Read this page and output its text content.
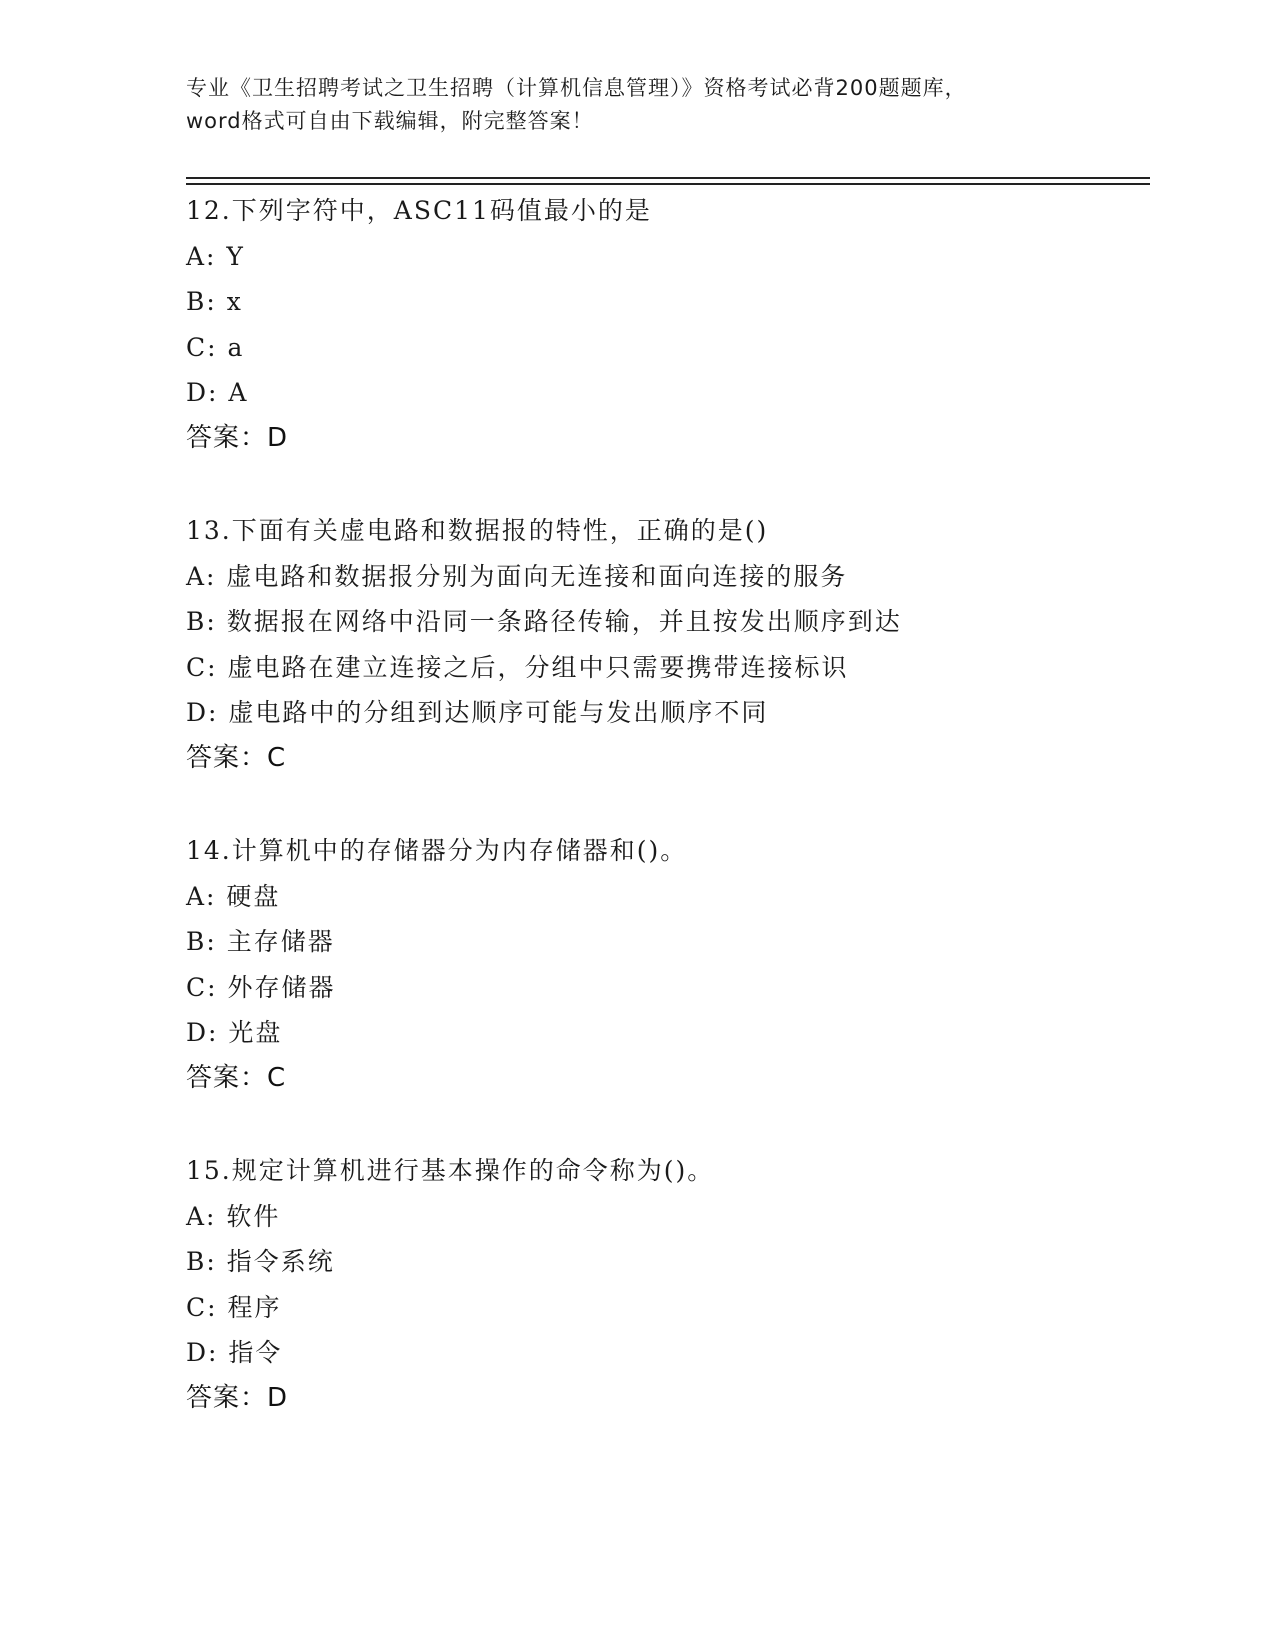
专业《卫生招聘考试之卫生招聘（计算机信息管理）》资格考试必背200题题库，
word格式可自由下载编辑，附完整答案！
12.下列字符中，ASC11码值最小的是
A: Y
B: x
C: a
D: A
答案：D
13.下面有关虚电路和数据报的特性，正确的是()
A: 虚电路和数据报分别为面向无连接和面向连接的服务
B: 数据报在网络中沿同一条路径传输，并且按发出顺序到达
C: 虚电路在建立连接之后，分组中只需要携带连接标识
D: 虚电路中的分组到达顺序可能与发出顺序不同
答案：C
14.计算机中的存储器分为内存储器和()。
A: 硬盘
B: 主存储器
C: 外存储器
D: 光盘
答案：C
15.规定计算机进行基本操作的命令称为()。
A: 软件
B: 指令系统
C: 程序
D: 指令
答案：D
